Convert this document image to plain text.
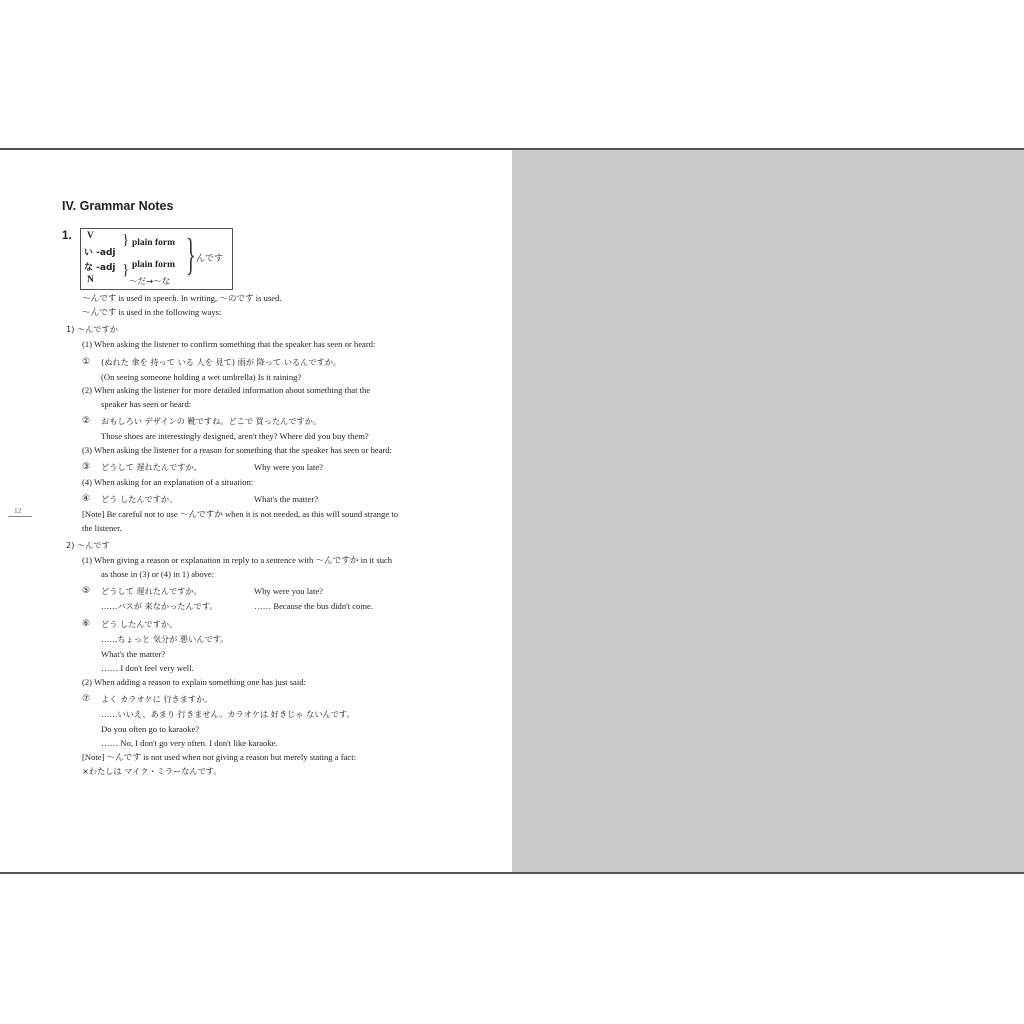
12
IV. Grammar Notes
1. V
い -adj
な -adj
N
}
}
plain form
plain form
～だ→～な
} んです
～んです is used in speech. In writing, ～のです is used.
～んです is used in the following ways:
1) ～んですか
(1) When asking the listener to confirm something that the speaker has seen or heard:
① (ぬれた 傘を 持って いる 人を 見て) 雨が 降って いるんですか。
(On seeing someone holding a wet umbrella) Is it raining?
(2) When asking the listener for more detailed information about something that the
speaker has seen or heard:
② おもしろい デザインの 靴ですね。どこで 買ったんですか。
Those shoes are interestingly designed, aren't they? Where did you buy them?
(3) When asking the listener for a reason for something that the speaker has seen or heard:
③ どうして 遅れたんですか。	Why were you late?
(4) When asking for an explanation of a situation:
④ どう したんですか。	What's the matter?
[Note] Be careful not to use ～んですか when it is not needed, as this will sound strange to
the listener.
2) ～んです
(1) When giving a reason or explanation in reply to a sentence with ～んですか in it such
as those in (3) or (4) in 1) above:
⑤ どうして 遅れたんですか。	Why were you late?
……バスが 来なかったんです。	…… Because the bus didn't come.
⑥ どう したんですか。
……ちょっと 気分が 悪いんです。
What's the matter?
…… I don't feel very well.
(2) When adding a reason to explain something one has just said:
⑦ よく カラオケに 行きますか。
……いいえ、あまり 行きません。カラオケは 好きじゃ ないんです。
Do you often go to karaoke?
…… No, I don't go very often. I don't like karaoke.
[Note] ～んです is not used when not giving a reason but merely stating a fact:
×わたしは マイク・ミラーなんです。
